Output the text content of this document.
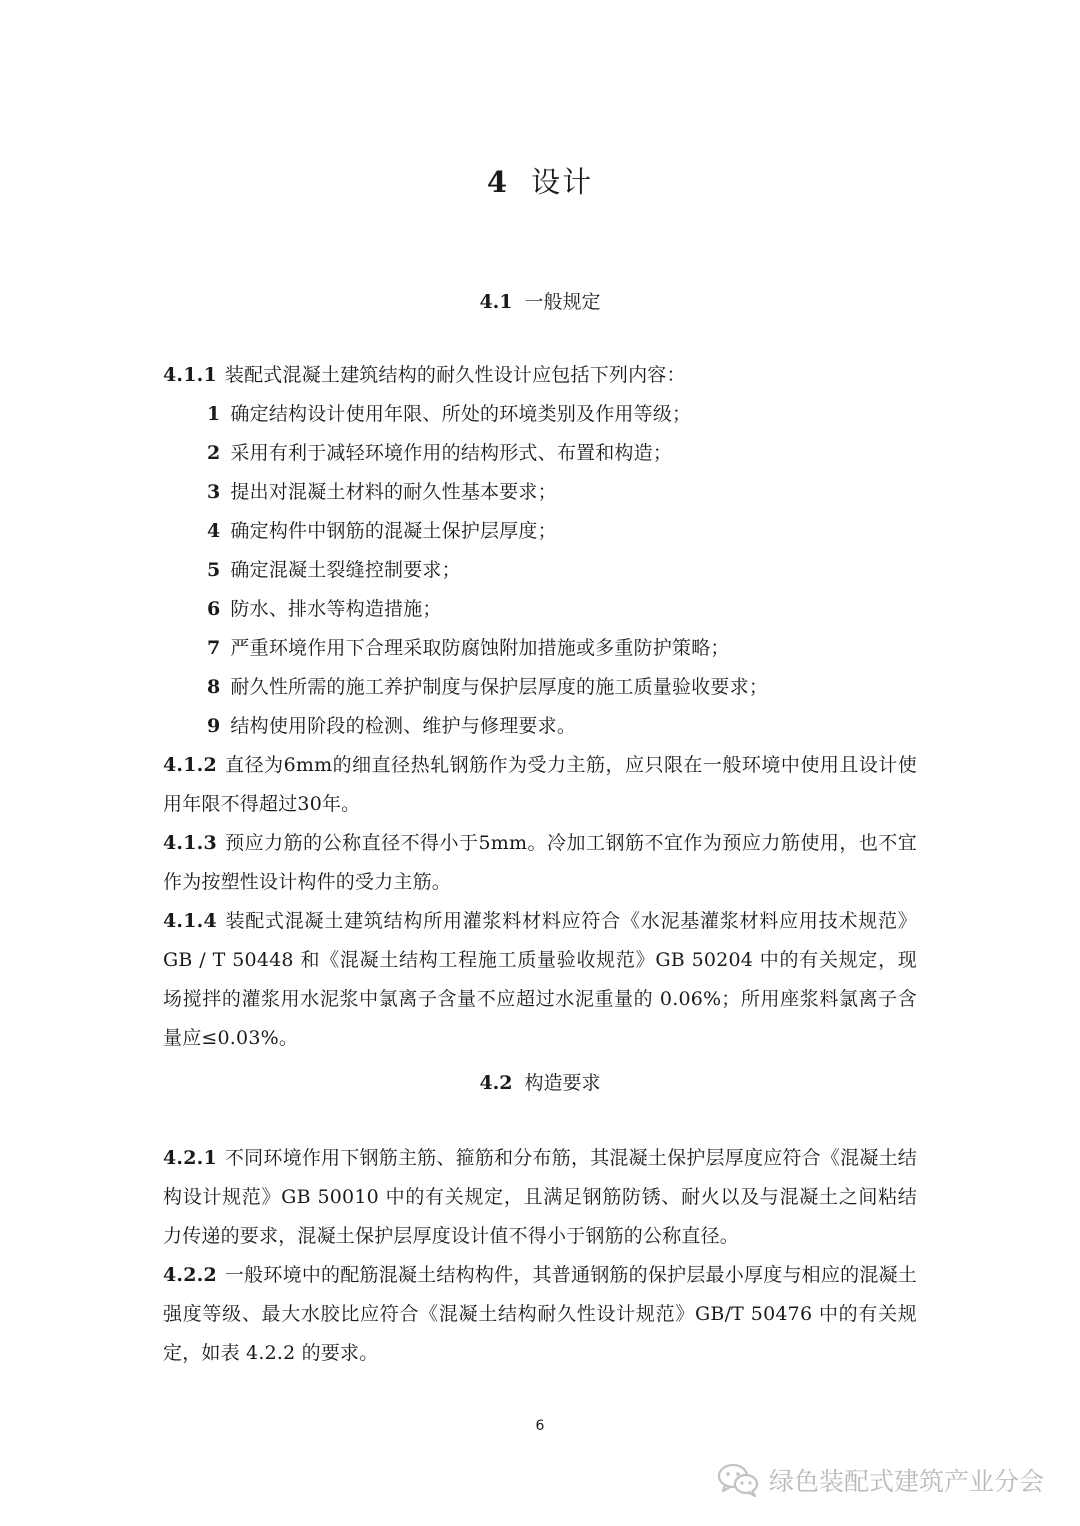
4 设计
4.1 一般规定

4.1.1 装配式混凝土建筑结构的耐久性设计应包括下列内容：

1 确定结构设计使用年限、所处的环境类别及作用等级；

2 采用有利于减轻环境作用的结构形式、布置和构造；

3 提出对混凝土材料的耐久性基本要求；

4 确定构件中钢筋的混凝土保护层厚度；

5 确定混凝土裂缝控制要求；

6 防水、排水等构造措施；

7 严重环境作用下合理采取防腐蚀附加措施或多重防护策略；

8 耐久性所需的施工养护制度与保护层厚度的施工质量验收要求；

9 结构使用阶段的检测、维护与修理要求。

4.1.2 直径为6mm的细直径热轧钢筋作为受力主筋，应只限在一般环境中使用且设计使用年限不得超过30年。

4.1.3 预应力筋的公称直径不得小于5mm。冷加工钢筋不宜作为预应力筋使用，也不宜作为按塑性设计构件的受力主筋。

4.1.4 装配式混凝土建筑结构所用灌浆料材料应符合《水泥基灌浆材料应用技术规范》GB / T 50448 和《混凝土结构工程施工质量验收规范》GB 50204 中的有关规定，现场搅拌的灌浆用水泥浆中氯离子含量不应超过水泥重量的 0.06%；所用座浆料氯离子含量应≤0.03%。

4.2 构造要求

4.2.1 不同环境作用下钢筋主筋、箍筋和分布筋，其混凝土保护层厚度应符合《混凝土结构设计规范》GB 50010 中的有关规定，且满足钢筋防锈、耐火以及与混凝土之间粘结力传递的要求，混凝土保护层厚度设计值不得小于钢筋的公称直径。

4.2.2 一般环境中的配筋混凝土结构构件，其普通钢筋的保护层最小厚度与相应的混凝土强度等级、最大水胶比应符合《混凝土结构耐久性设计规范》GB/T 50476 中的有关规定，如表 4.2.2 的要求。

6
绿色装配式建筑产业分会
